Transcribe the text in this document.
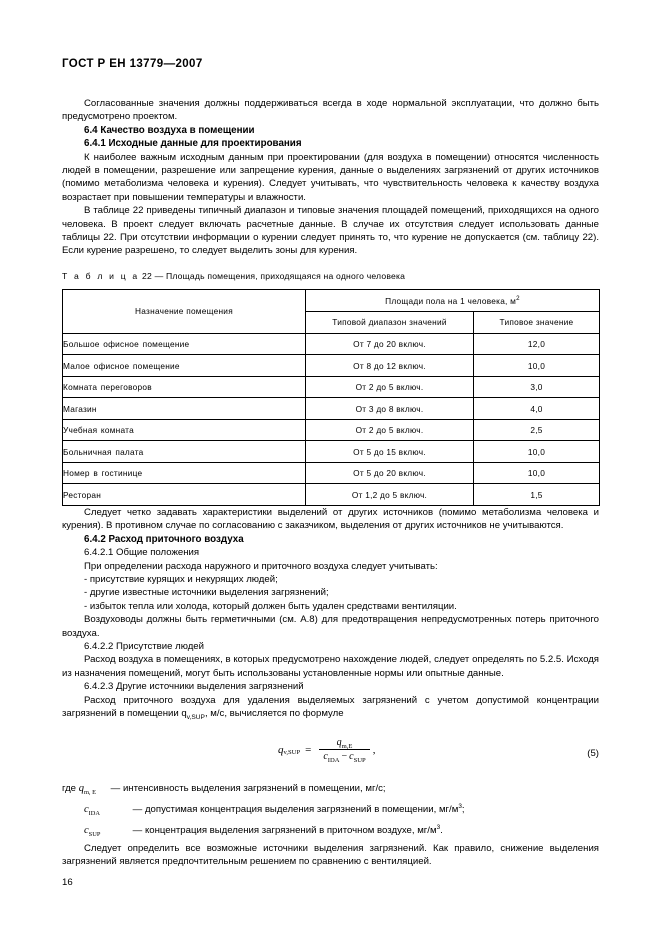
ГОСТ Р ЕН 13779—2007

Согласованные значения должны поддерживаться всегда в ходе нормальной эксплуатации, что должно быть предусмотрено проектом.

6.4 Качество воздуха в помещении

6.4.1 Исходные данные для проектирования

К наиболее важным исходным данным при проектировании (для воздуха в помещении) относятся численность людей в помещении, разрешение или запрещение курения, данные о выделениях загрязнений от других источников (помимо метаболизма человека и курения). Следует учитывать, что чувствительность человека к качеству воздуха возрастает при повышении температуры и влажности.

В таблице 22 приведены типичный диапазон и типовые значения площадей помещений, приходящихся на одного человека. В проект следует включать расчетные данные. В случае их отсутствия следует использовать данные таблицы 22. При отсутствии информации о курении следует принять то, что курение не допускается (см. таблицу 22). Если курение разрешено, то следует выделить зоны для курения.

Т а б л и ц а 22 — Площадь помещения, приходящаяся на одного человека
Назначение помещения	Площади пола на 1 человека, $м^2$
	Типовой диапазон значений	Типовое значение
Большое офисное помещение	От 7 до 20 включ.	12,0
Малое офисное помещение	От 8 до 12 включ.	10,0
Комната переговоров	От 2 до 5 включ.	3,0
Магазин	От 3 до 8 включ.	4,0
Учебная комната	От 2 до 5 включ.	2,5
Больничная палата	От 5 до 15 включ.	10,0
Номер в гостинице	От 5 до 20 включ.	10,0
Ресторан	От 1,2 до 5 включ.	1,5

Следует четко задавать характеристики выделений от других источников (помимо метаболизма человека и курения). В противном случае по согласованию с заказчиком, выделения от других источников не учитываются.

6.4.2 Расход приточного воздуха

6.4.2.1 Общие положения

При определении расхода наружного и приточного воздуха следует учитывать:

- присутствие курящих и некурящих людей;

- другие известные источники выделения загрязнений;

- избыток тепла или холода, который должен быть удален средствами вентиляции.

Воздуховоды должны быть герметичными (см. А.8) для предотвращения непредусмотренных потерь приточного воздуха.

6.4.2.2 Присутствие людей

Расход воздуха в помещениях, в которых предусмотрено нахождение людей, следует определять по 5.2.5. Исходя из назначения помещений, могут быть использованы установленные нормы или опытные данные.

6.4.2.3 Другие источники выделения загрязнений

Расход приточного воздуха для удаления выделяемых загрязнений с учетом допустимой концентрации загрязнений в помещении $q_{v,SUP}$, м/с, вычисляется по формуле

$q_{v,SUP} = \frac{q_{m,E}}{c_{IDA} - c_{SUP}}$ ,	(5)
где $q_{m, E}$ — интенсивность выделения загрязнений в помещении, мг/с;
$c_{IDA}$	— допустимая концентрация выделения загрязнений в помещении, $мг/м^3$;
$c_{SUP}$	— концентрация выделения загрязнений в приточном воздухе, $мг/м^3$.

Следует определить все возможные источники выделения загрязнений. Как правило, снижение выделения загрязнений является предпочтительным решением по сравнению с вентиляцией.

16
